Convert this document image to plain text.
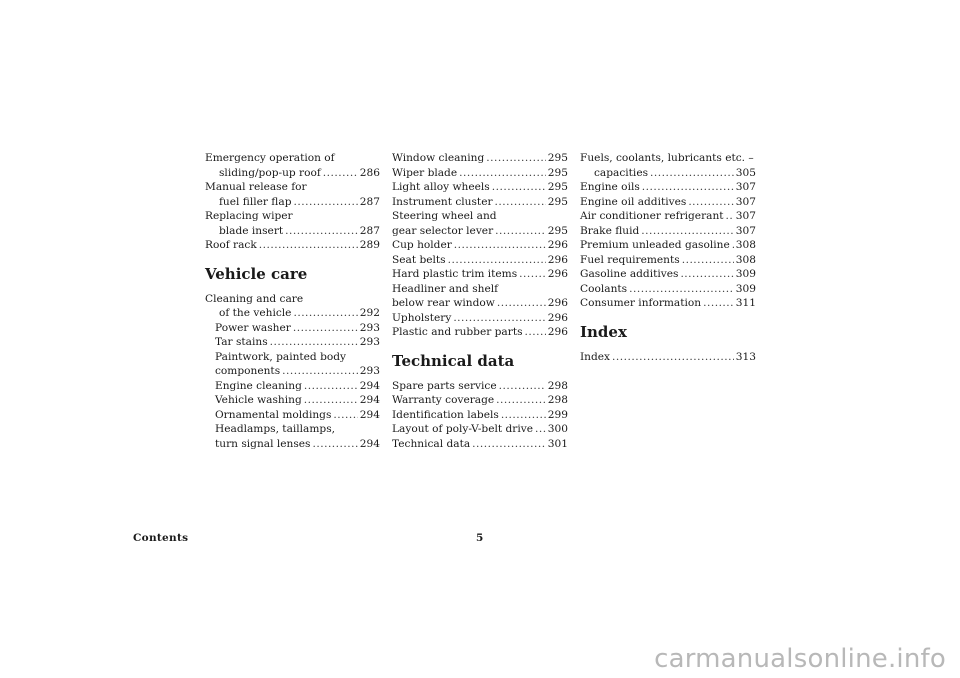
Emergency operation of
sliding/pop-up roof .....	286
Manual release for
fuel filler flap .....	287
Replacing wiper
blade insert .....	287
Roof rack .....	289
Vehicle care
Cleaning and care
of the vehicle .....	292
Power washer .....	293
Tar stains .....	293
Paintwork, painted body
components .....	293
Engine cleaning .....	294
Vehicle washing .....	294
Ornamental moldings .....	294
Headlamps, taillamps,
turn signal lenses .....	294
Window cleaning .....	295
Wiper blade .....	295
Light alloy wheels .....	295
Instrument cluster .....	295
Steering wheel and
gear selector lever .....	295
Cup holder .....	296
Seat belts .....	296
Hard plastic trim items .....	296
Headliner and shelf
below rear window .....	296
Upholstery .....	296
Plastic and rubber parts ..... 296
Technical data
Spare parts service .....	298
Warranty coverage .....	298
Identification labels .....	299
Layout of poly-V-belt drive ..... 300
Technical data .....	301
Fuels, coolants, lubricants etc. –
capacities .....	305
Engine oils .....	307
Engine oil additives .....	307
Air conditioner refrigerant ..... 307
Brake fluid .....	307
Premium unleaded gasoline ..... 308
Fuel requirements .....	308
Gasoline additives .....	309
Coolants .....	309
Consumer information .....	311
Index
Index .....	313
Contents	5
carmanualsonline.info
